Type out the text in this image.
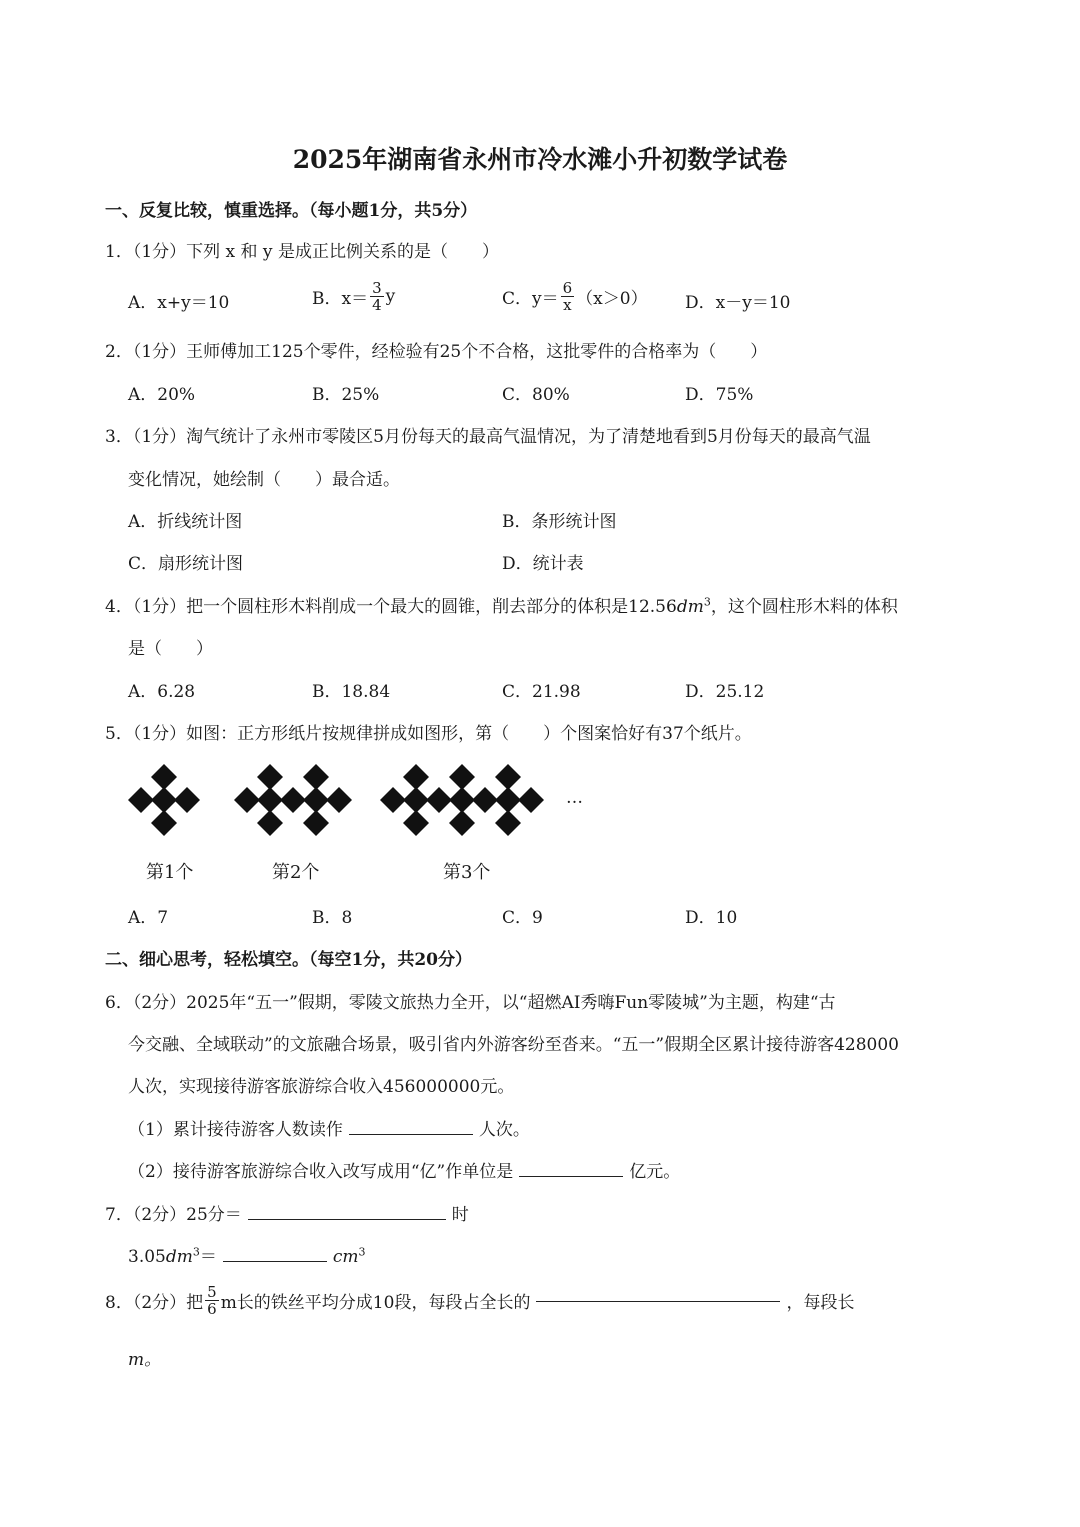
2025年湖南省永州市冷水滩小升初数学试卷
一、反复比较，慎重选择。（每小题1分，共5分）
1．（1分）下列 x 和 y 是成正比例关系的是（　　）
A．x+y＝10	B．$x= \frac{3}{4}$ y	C．$y= \frac{6}{x} (x>0)$ D．x－y＝10
2．（1分）王师傅加工125个零件，经检验有25个不合格，这批零件的合格率为（　　）
A．20%	B．25%	C．80%	D．75%
3．（1分）淘气统计了永州市零陵区5月份每天的最高气温情况，为了清楚地看到5月份每天的最高气温
变化情况，她绘制（　　）最合适。
A．折线统计图	B．条形统计图
C．扇形统计图	D．统计表
4．（1分）把一个圆柱形木料削成一个最大的圆锥，削去部分的体积是$12.56dm^3$，这个圆柱形木料的体积
是（　　）
A．6.28	B．18.84	C．21.98	D．25.12
5．（1分）如图：正方形纸片按规律拼成如图形，第（　　）个图案恰好有37个纸片。
…
第1个	第2个	第3个
A．7	B．8	C．9	D．10
二、细心思考，轻松填空。（每空1分，共20分）
6．（2分）2025年“五一”假期，零陵文旅热力全开，以“超燃AI秀嗨Fun零陵城”为主题，构建“古
今交融、全域联动”的文旅融合场景，吸引省内外游客纷至沓来。“五一”假期全区累计接待游客428000
人次，实现接待游客旅游综合收入456000000元。
（1）累计接待游客人数读作	人次。
（2）接待游客旅游综合收入改写成用“亿”作单位是	亿元。
7．（2分）25分＝	时
$3.05dm^3=$	$cm^3$
8．（2分）把 $\frac{5}{6}$ m长的铁丝平均分成10段，每段占全长的	，每段长
m。
